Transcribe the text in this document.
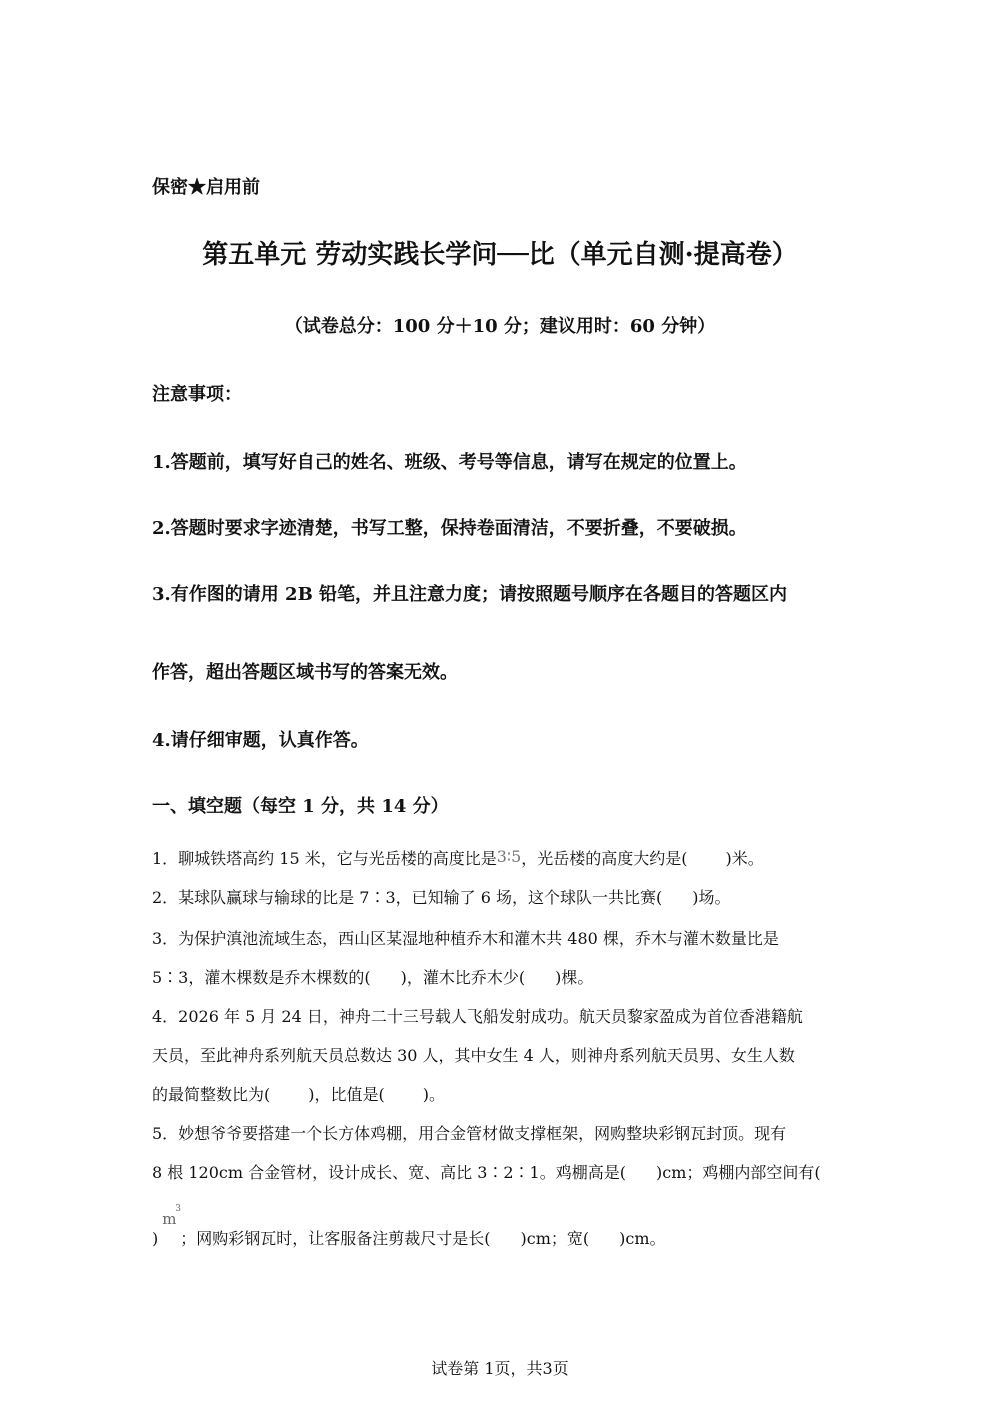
保密★启用前
第五单元 劳动实践长学问──比（单元自测·提高卷）
（试卷总分：100 分＋10 分；建议用时：60 分钟）
注意事项：
1.答题前，填写好自己的姓名、班级、考号等信息，请写在规定的位置上。
2.答题时要求字迹清楚，书写工整，保持卷面清洁，不要折叠，不要破损。
3.有作图的请用 2B 铅笔，并且注意力度；请按照题号顺序在各题目的答题区内
作答，超出答题区域书写的答案无效。
4.请仔细审题，认真作答。
一、填空题（每空 1 分，共 14 分）
1．聊城铁塔高约 15 米，它与光岳楼的高度比是3∶5，光岳楼的高度大约是( )米。
2．某球队赢球与输球的比是 7∶3，已知输了 6 场，这个球队一共比赛( )场。
3．为保护滇池流域生态，西山区某湿地种植乔木和灌木共 480 棵，乔木与灌木数量比是
5∶3，灌木棵数是乔木棵数的( )，灌木比乔木少( )棵。
4．2026 年 5 月 24 日，神舟二十三号载人飞船发射成功。航天员黎家盈成为首位香港籍航
天员，至此神舟系列航天员总数达 30 人，其中女生 4 人，则神舟系列航天员男、女生人数
的最简整数比为( )，比值是( )。
5．妙想爷爷要搭建一个长方体鸡棚，用合金管材做支撑框架，网购整块彩钢瓦封顶。现有
8 根 120cm 合金管材，设计成长、宽、高比 3∶2∶1。鸡棚高是( )cm；鸡棚内部空间有(
)
m
3
；网购彩钢瓦时，让客服备注剪裁尺寸是长( )cm；宽( )cm。
试卷第 1页，共3页
